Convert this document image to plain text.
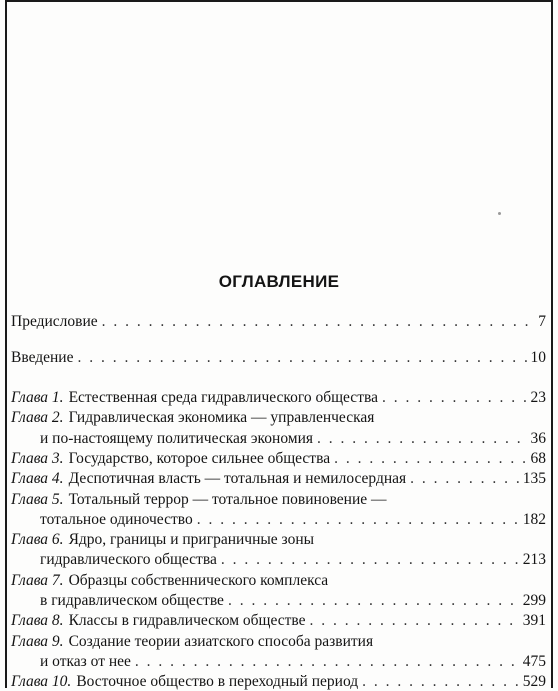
ОГЛАВЛЕНИЕ
Предисловие . . .	7
Введение . . .	10
Глава 1. Естественная среда гидравлического общества . . .	23
Глава 2. Гидравлическая экономика — управленческая
и по-настоящему политическая экономия . . .	36
Глава 3. Государство, которое сильнее общества . . .	68
Глава 4. Деспотичная власть — тотальная и немилосердная . . .	135
Глава 5. Тотальный террор — тотальное повиновение —
тотальное одиночество . . .	182
Глава 6. Ядро, границы и приграничные зоны
гидравлического общества . . .	213
Глава 7. Образцы собственнического комплекса
в гидравлическом обществе . . .	299
Глава 8. Классы в гидравлическом обществе . . .	391
Глава 9. Создание теории азиатского способа развития
и отказ от нее . . .	475
Глава 10. Восточное общество в переходный период . . .	529
